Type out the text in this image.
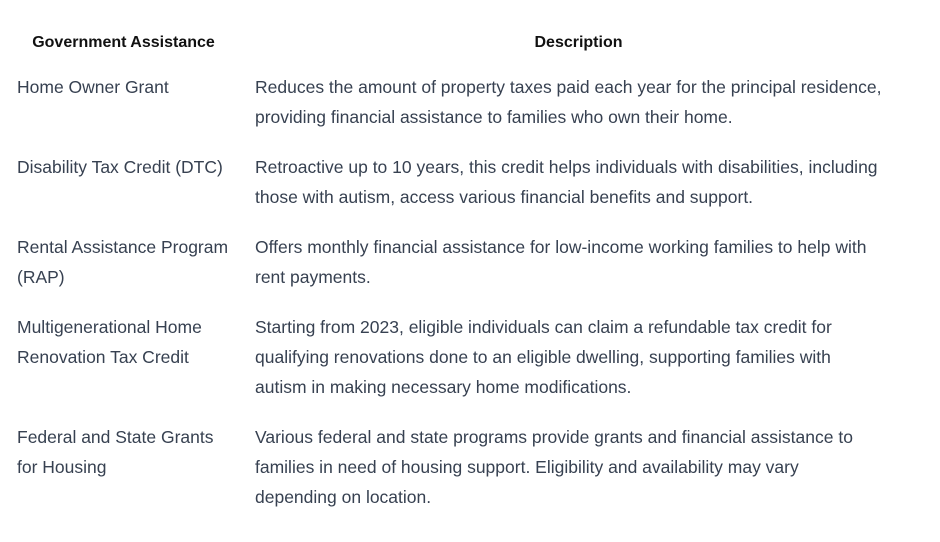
Government Assistance	Description
Home Owner Grant	Reduces the amount of property taxes paid each year for the principal residence, providing financial assistance to families who own their home.
Disability Tax Credit (DTC)	Retroactive up to 10 years, this credit helps individuals with disabilities, including those with autism, access various financial benefits and support.
Rental Assistance Program (RAP)	Offers monthly financial assistance for low-income working families to help with rent payments.
Multigenerational Home Renovation Tax Credit	Starting from 2023, eligible individuals can claim a refundable tax credit for qualifying renovations done to an eligible dwelling, supporting families with autism in making necessary home modifications.
Federal and State Grants for Housing	Various federal and state programs provide grants and financial assistance to families in need of housing support. Eligibility and availability may vary depending on location.
